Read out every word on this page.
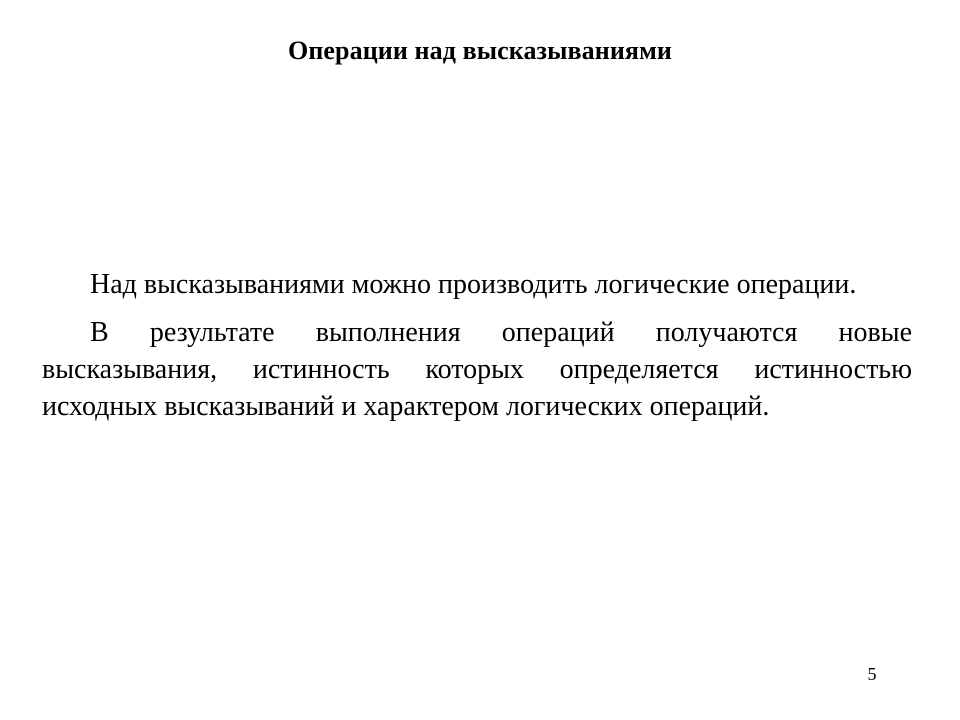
Операции над высказываниями

Над высказываниями можно производить логические операции.

В результате выполнения операций получаются новые высказывания, истинность которых определяется истинностью исходных высказываний и характером логических операций.

5
